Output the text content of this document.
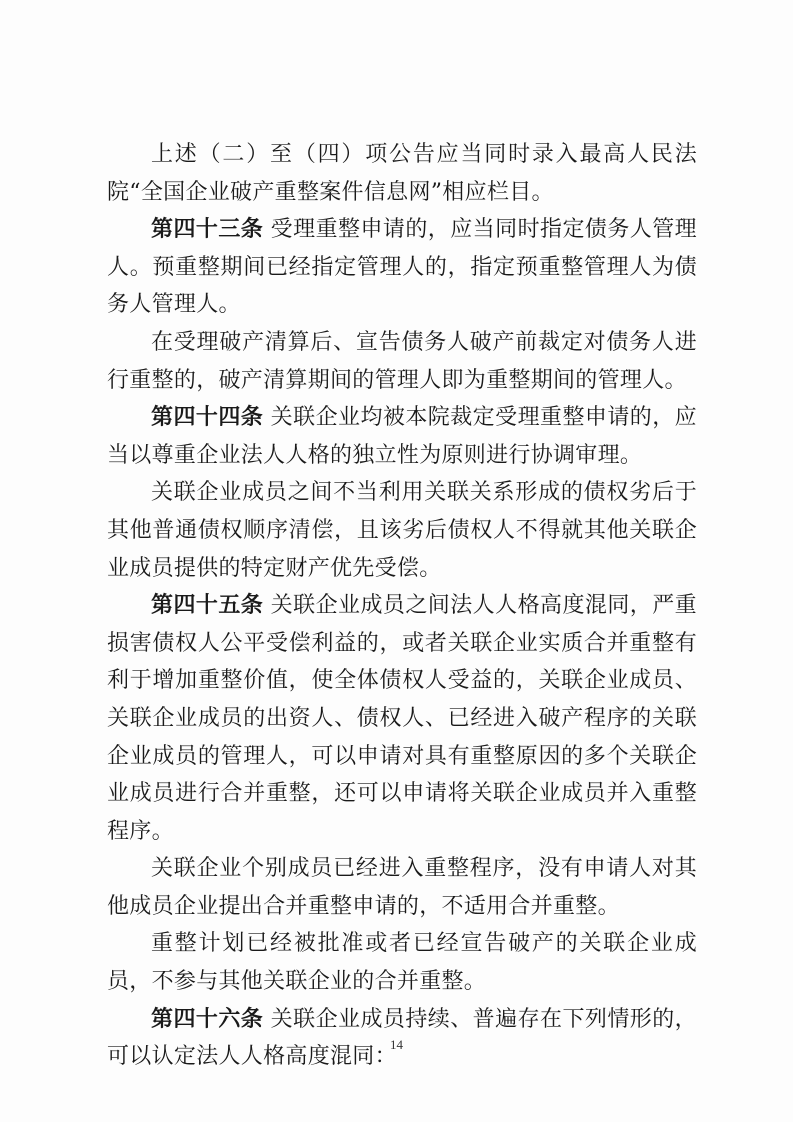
上述（二）至（四）项公告应当同时录入最高人民法院“全国企业破产重整案件信息网”相应栏目。

第四十三条 受理重整申请的，应当同时指定债务人管理人。预重整期间已经指定管理人的，指定预重整管理人为债务人管理人。

在受理破产清算后、宣告债务人破产前裁定对债务人进行重整的，破产清算期间的管理人即为重整期间的管理人。

第四十四条 关联企业均被本院裁定受理重整申请的，应当以尊重企业法人人格的独立性为原则进行协调审理。

关联企业成员之间不当利用关联关系形成的债权劣后于其他普通债权顺序清偿，且该劣后债权人不得就其他关联企业成员提供的特定财产优先受偿。

第四十五条 关联企业成员之间法人人格高度混同，严重损害债权人公平受偿利益的，或者关联企业实质合并重整有利于增加重整价值，使全体债权人受益的，关联企业成员、关联企业成员的出资人、债权人、已经进入破产程序的关联企业成员的管理人，可以申请对具有重整原因的多个关联企业成员进行合并重整，还可以申请将关联企业成员并入重整程序。

关联企业个别成员已经进入重整程序，没有申请人对其他成员企业提出合并重整申请的，不适用合并重整。

重整计划已经被批准或者已经宣告破产的关联企业成员，不参与其他关联企业的合并重整。

第四十六条 关联企业成员持续、普遍存在下列情形的，可以认定法人人格高度混同：

14
